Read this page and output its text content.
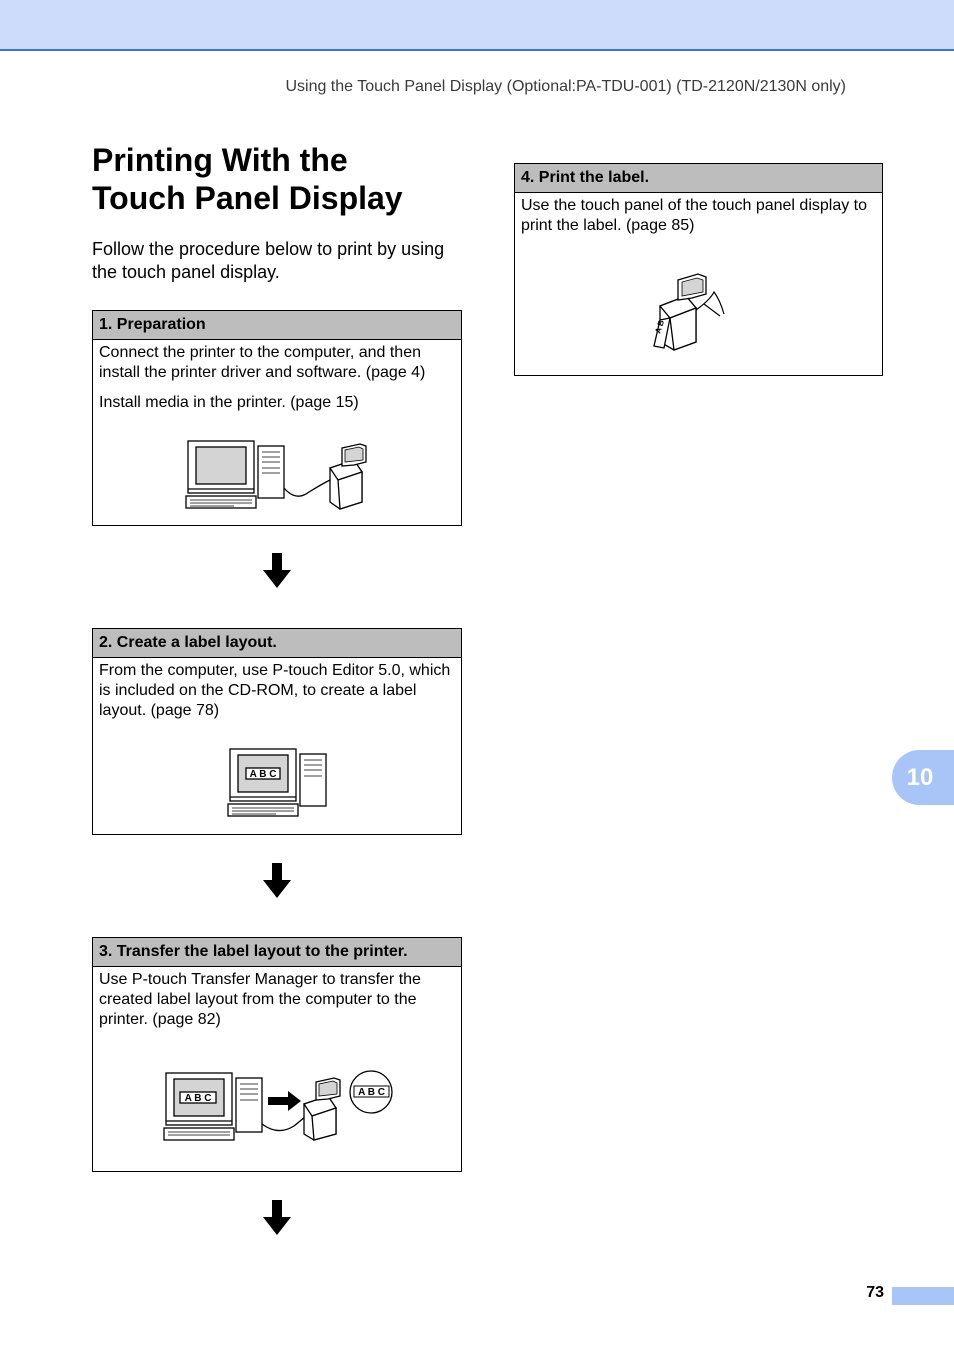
Using the Touch Panel Display (Optional:PA-TDU-001) (TD-2120N/2130N only)
Printing With the
Touch Panel Display

Follow the procedure below to print by using the touch panel display.

1. Preparation

Connect the printer to the computer, and then install the printer driver and software. (page 4)

Install media in the printer. (page 15)

2. Create a label layout.

From the computer, use P-touch Editor 5.0, which is included on the CD-ROM, to create a label layout. (page 78)

A B C
3. Transfer the label layout to the printer.

Use P-touch Transfer Manager to transfer the created label layout from the computer to the printer. (page 82)

A B C
A B C
4. Print the label.

Use the touch panel of the touch panel display to print the label. (page 85)

A B
10
73
